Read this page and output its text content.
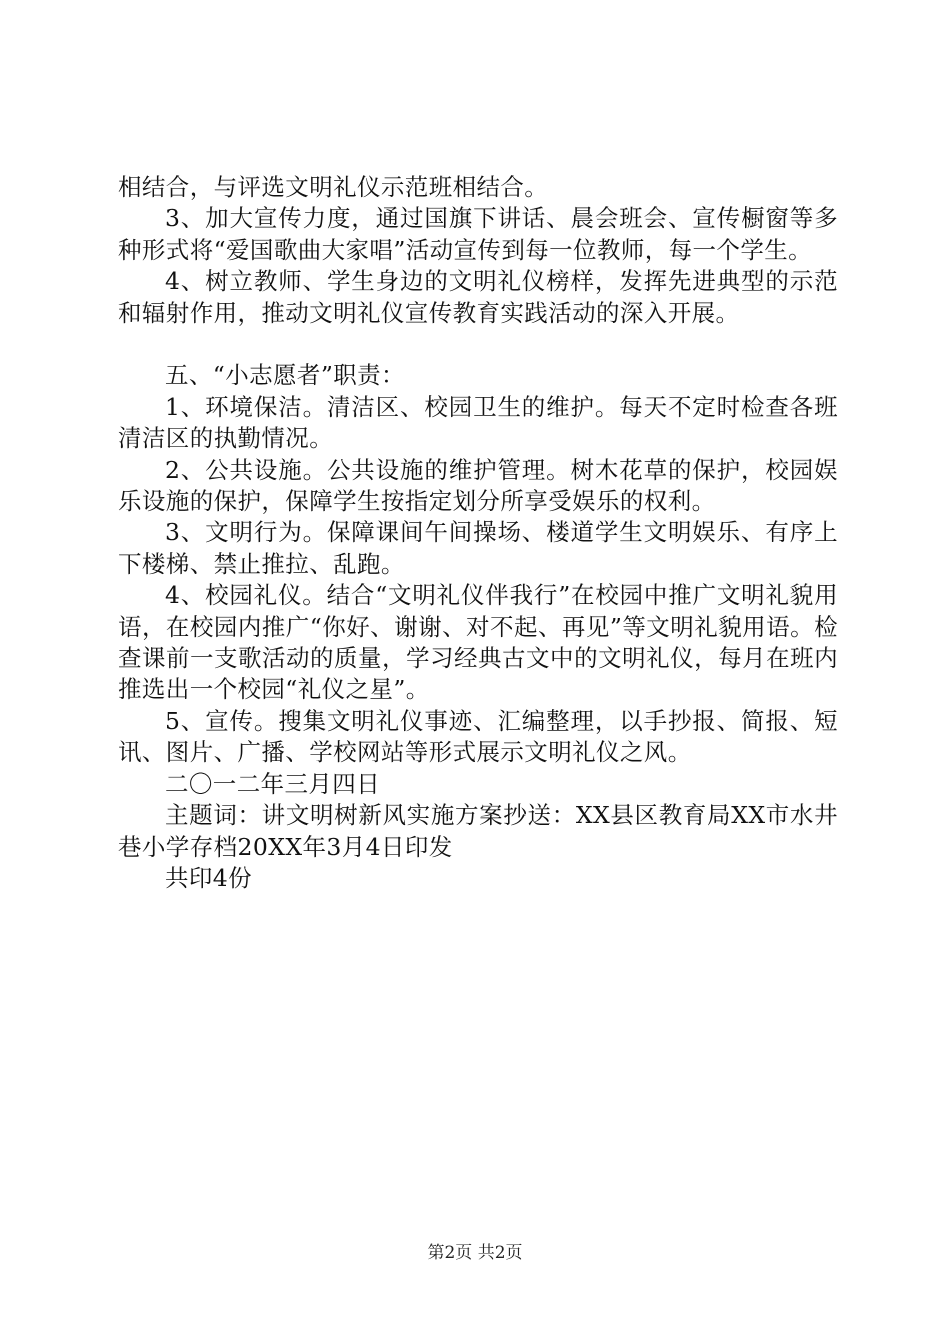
相结合，与评选文明礼仪示范班相结合。

3、加大宣传力度，通过国旗下讲话、晨会班会、宣传橱窗等多种形式将“爱国歌曲大家唱”活动宣传到每一位教师，每一个学生。

4、树立教师、学生身边的文明礼仪榜样，发挥先进典型的示范和辐射作用，推动文明礼仪宣传教育实践活动的深入开展。

五、“小志愿者”职责：

1、环境保洁。清洁区、校园卫生的维护。每天不定时检查各班清洁区的执勤情况。

2、公共设施。公共设施的维护管理。树木花草的保护，校园娱乐设施的保护，保障学生按指定划分所享受娱乐的权利。

3、文明行为。保障课间午间操场、楼道学生文明娱乐、有序上下楼梯、禁止推拉、乱跑。

4、校园礼仪。结合“文明礼仪伴我行”在校园中推广文明礼貌用语，在校园内推广“你好、谢谢、对不起、再见”等文明礼貌用语。检查课前一支歌活动的质量，学习经典古文中的文明礼仪，每月在班内推选出一个校园“礼仪之星”。

5、宣传。搜集文明礼仪事迹、汇编整理，以手抄报、简报、短讯、图片、广播、学校网站等形式展示文明礼仪之风。

二〇一二年三月四日

主题词：讲文明树新风实施方案抄送：XX县区教育局XX市水井巷小学存档20XX年3月4日印发

共印4份

第2页 共2页
